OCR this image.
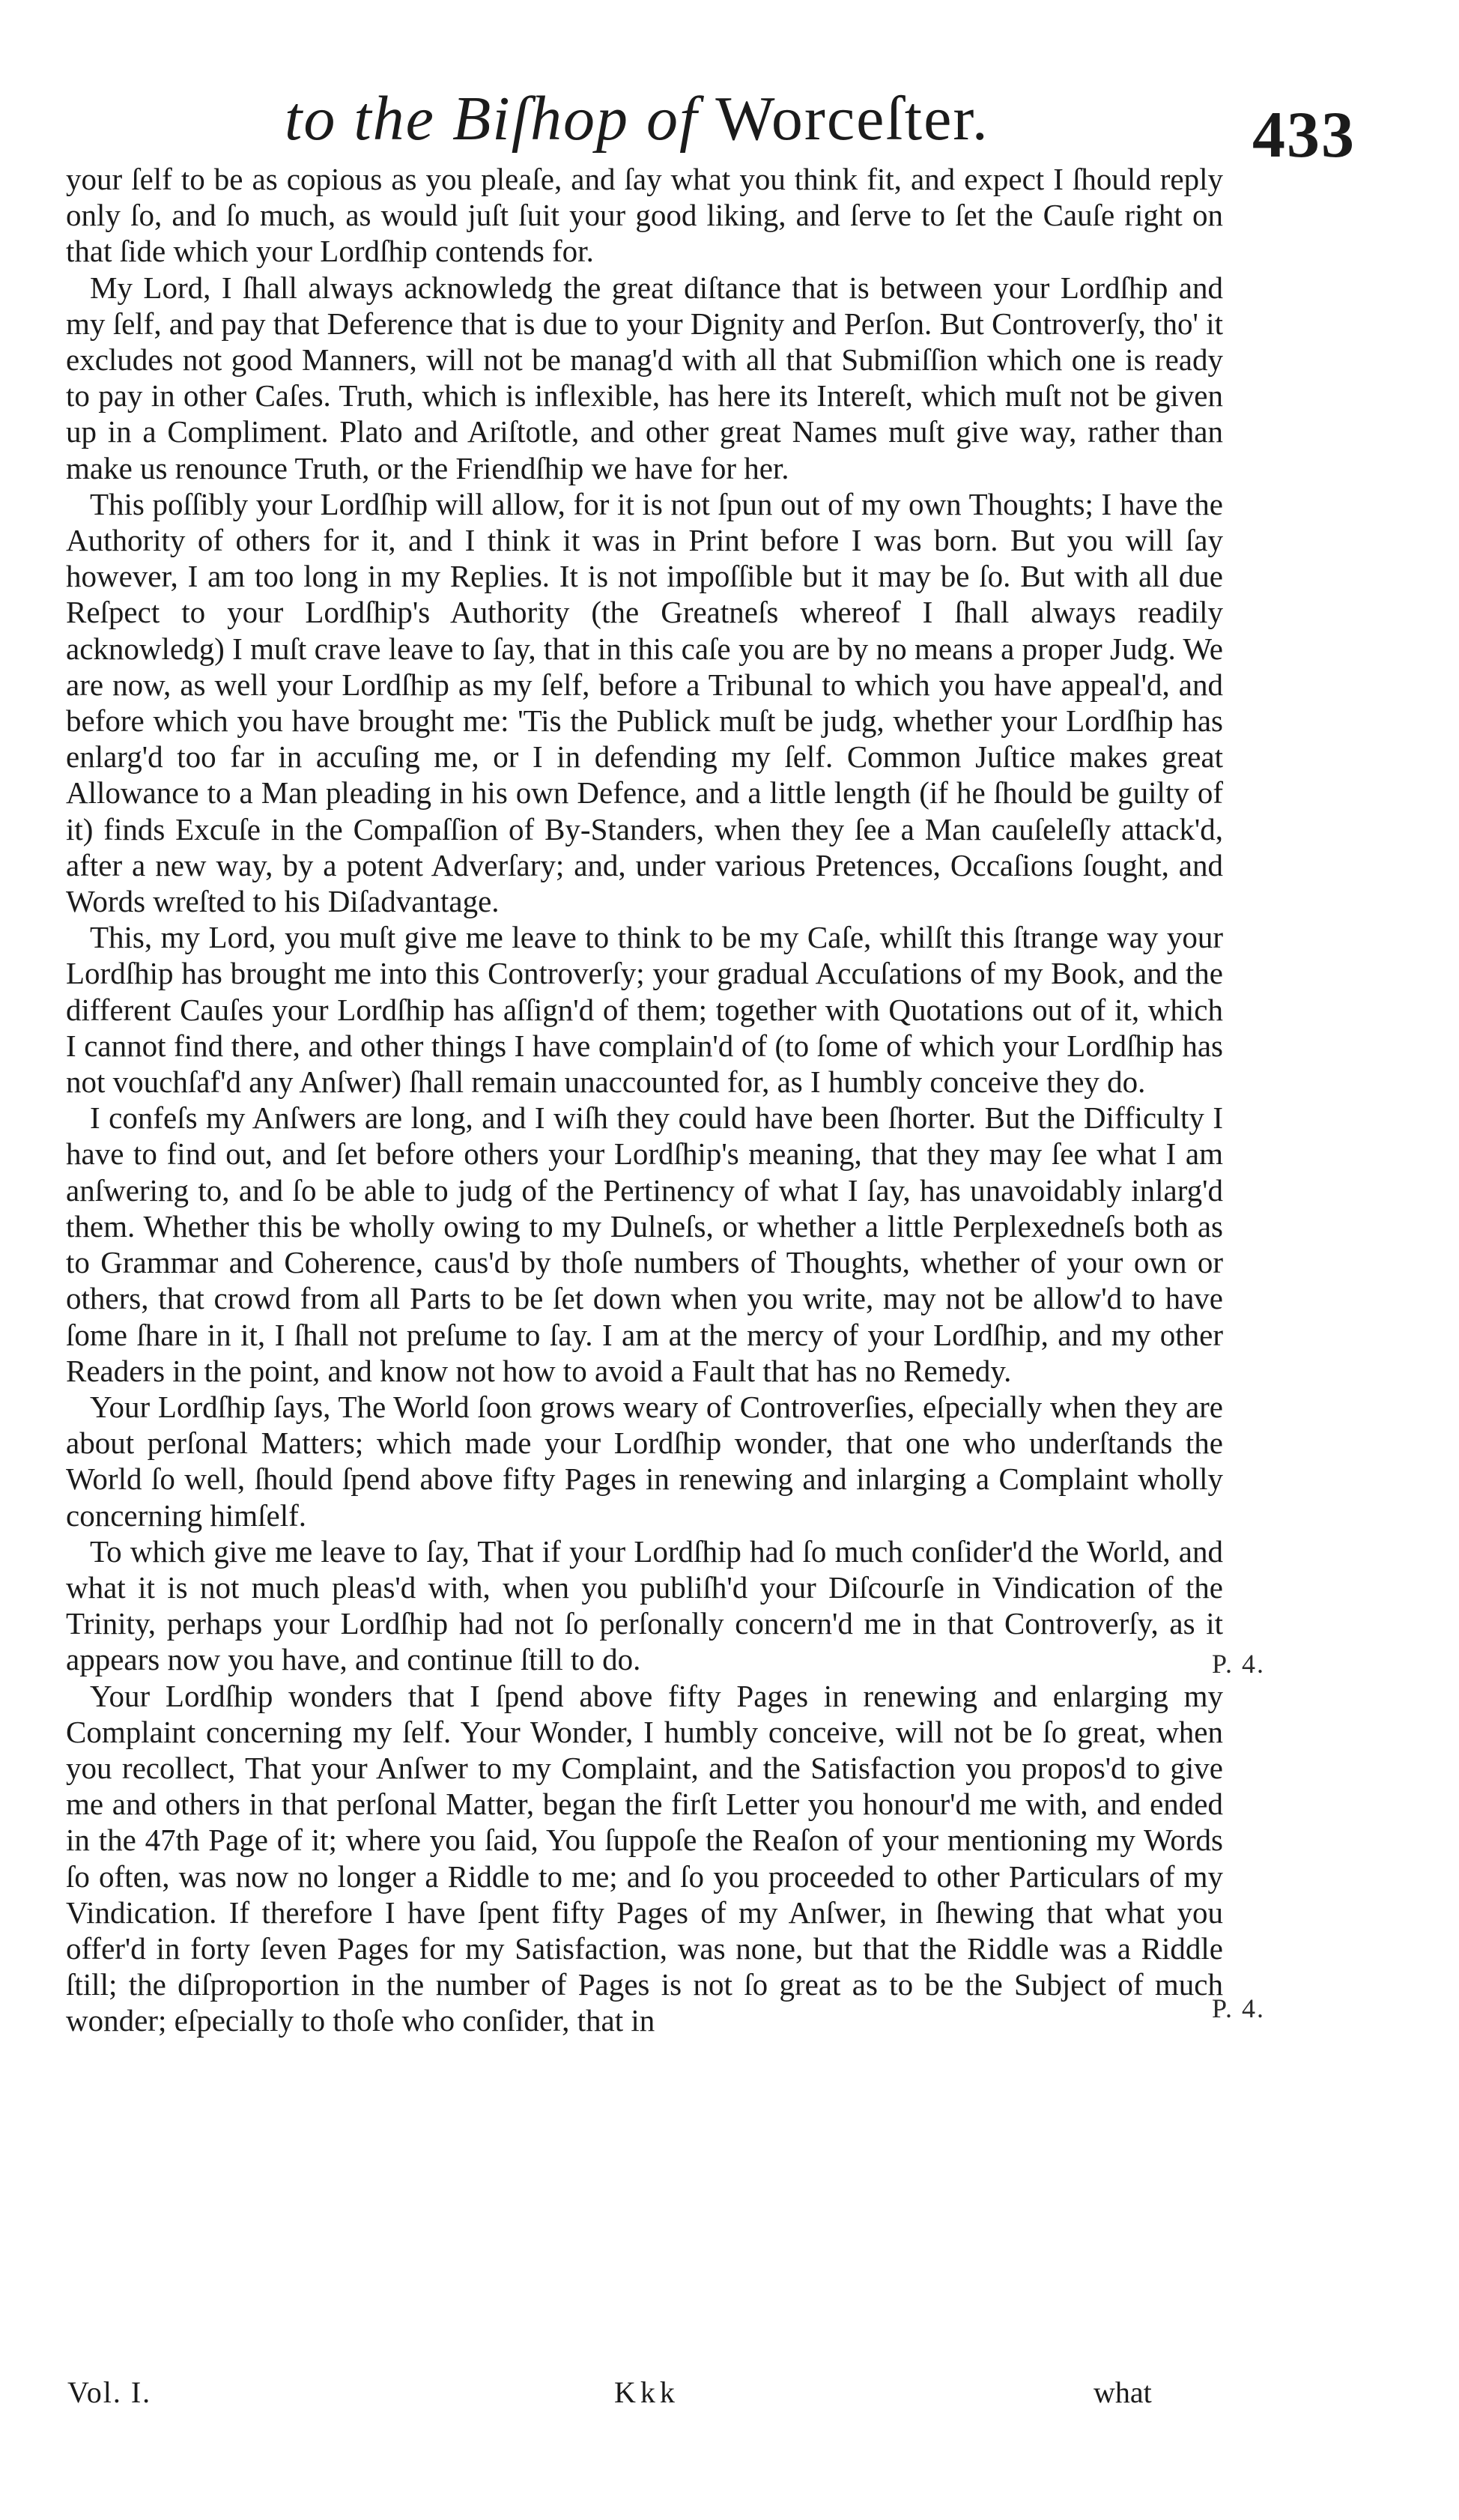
to the Biſhop of Worceſter.	433

your ſelf to be as copious as you pleaſe, and ſay what you think fit, and expect I ſhould reply only ſo, and ſo much, as would juſt ſuit your good liking, and ſerve to ſet the Cauſe right on that ſide which your Lordſhip contends for.

My Lord, I ſhall always acknowledg the great diſtance that is between your Lordſhip and my ſelf, and pay that Deference that is due to your Dignity and Perſon. But Controverſy, tho' it excludes not good Manners, will not be manag'd with all that Submiſſion which one is ready to pay in other Caſes. Truth, which is inflexible, has here its Intereſt, which muſt not be given up in a Compliment. Plato and Ariſtotle, and other great Names muſt give way, rather than make us renounce Truth, or the Friendſhip we have for her.

This poſſibly your Lordſhip will allow, for it is not ſpun out of my own Thoughts; I have the Authority of others for it, and I think it was in Print before I was born. But you will ſay however, I am too long in my Replies. It is not impoſſible but it may be ſo. But with all due Reſpect to your Lordſhip's Authority (the Greatneſs whereof I ſhall always readily acknowledg) I muſt crave leave to ſay, that in this caſe you are by no means a proper Judg. We are now, as well your Lordſhip as my ſelf, before a Tribunal to which you have appeal'd, and before which you have brought me: 'Tis the Publick muſt be judg, whether your Lordſhip has enlarg'd too far in accuſing me, or I in defending my ſelf. Common Juſtice makes great Allowance to a Man pleading in his own Defence, and a little length (if he ſhould be guilty of it) finds Excuſe in the Compaſſion of By-Standers, when they ſee a Man cauſeleſly attack'd, after a new way, by a potent Adverſary; and, under various Pretences, Occaſions ſought, and Words wreſted to his Diſadvantage.

This, my Lord, you muſt give me leave to think to be my Caſe, whilſt this ſtrange way your Lordſhip has brought me into this Controverſy; your gradual Accuſations of my Book, and the different Cauſes your Lordſhip has aſſign'd of them; together with Quotations out of it, which I cannot find there, and other things I have complain'd of (to ſome of which your Lordſhip has not vouchſaf'd any Anſwer) ſhall remain unaccounted for, as I humbly conceive they do.

I confeſs my Anſwers are long, and I wiſh they could have been ſhorter. But the Difficulty I have to find out, and ſet before others your Lordſhip's meaning, that they may ſee what I am anſwering to, and ſo be able to judg of the Pertinency of what I ſay, has unavoidably inlarg'd them. Whether this be wholly owing to my Dulneſs, or whether a little Perplexedneſs both as to Grammar and Coherence, caus'd by thoſe numbers of Thoughts, whether of your own or others, that crowd from all Parts to be ſet down when you write, may not be allow'd to have ſome ſhare in it, I ſhall not preſume to ſay. I am at the mercy of your Lordſhip, and my other Readers in the point, and know not how to avoid a Fault that has no Remedy.

Your Lordſhip ſays, The World ſoon grows weary of Controverſies, eſpecially when they are about perſonal Matters; which made your Lordſhip wonder, that one who underſtands the World ſo well, ſhould ſpend above fifty Pages in renewing and inlarging a Complaint wholly concerning himſelf.

To which give me leave to ſay, That if your Lordſhip had ſo much conſider'd the World, and what it is not much pleas'd with, when you publiſh'd your Diſcourſe in Vindication of the Trinity, perhaps your Lordſhip had not ſo perſonally concern'd me in that Controverſy, as it appears now you have, and continue ſtill to do.

Your Lordſhip wonders that I ſpend above fifty Pages in renewing and enlarging my Complaint concerning my ſelf. Your Wonder, I humbly conceive, will not be ſo great, when you recollect, That your Anſwer to my Complaint, and the Satisfaction you propos'd to give me and others in that perſonal Matter, began the firſt Letter you honour'd me with, and ended in the 47th Page of it; where you ſaid, You ſuppoſe the Reaſon of your mentioning my Words ſo often, was now no longer a Riddle to me; and ſo you proceeded to other Particulars of my Vindication. If therefore I have ſpent fifty Pages of my Anſwer, in ſhewing that what you offer'd in forty ſeven Pages for my Satisfaction, was none, but that the Riddle was a Riddle ſtill; the diſproportion in the number of Pages is not ſo great as to be the Subject of much wonder; eſpecially to thoſe who conſider, that in

P. 4.
P. 4.
Vol. I.	Kkk	what
